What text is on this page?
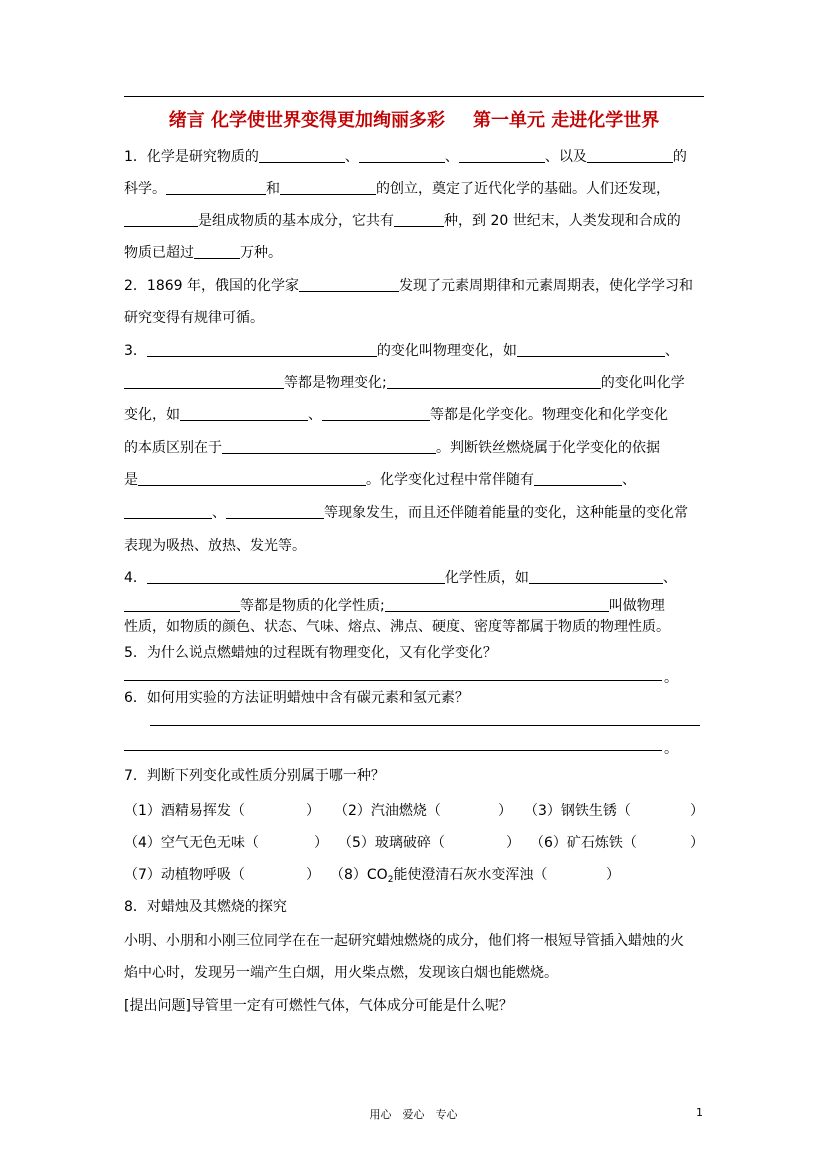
绪言 化学使世界变得更加绚丽多彩 第一单元 走进化学世界
1．化学是研究物质的	、	、	、以及	的
科学。	和	的创立，奠定了近代化学的基础。人们还发现，
是组成物质的基本成分，它共有	种，到 20 世纪末，人类发现和合成的
物质已超过	万种。
2．1869 年，俄国的化学家	发现了元素周期律和元素周期表，使化学学习和
研究变得有规律可循。
3．	的变化叫物理变化，如	、
等都是物理变化;	的变化叫化学
变化，如	、	等都是化学变化。物理变化和化学变化
的本质区别在于	。判断铁丝燃烧属于化学变化的依据
是	。化学变化过程中常伴随有	、
、	等现象发生，而且还伴随着能量的变化，这种能量的变化常
表现为吸热、放热、发光等。
4．	化学性质，如	、
等都是物质的化学性质;	叫做物理
性质，如物质的颜色、状态、气味、熔点、沸点、硬度、密度等都属于物质的物理性质。
5．为什么说点燃蜡烛的过程既有物理变化，又有化学变化？
。
6．如何用实验的方法证明蜡烛中含有碳元素和氢元素？
。
7．判断下列变化或性质分别属于哪一种？
（1）酒精易挥发（	） （2）汽油燃烧（	） （3）钢铁生锈（	）
（4）空气无色无味（	） （5）玻璃破碎（	） （6）矿石炼铁（	）
（7）动植物呼吸（	） $(8)CO_2$能使澄清石灰水变浑浊（	）
8．对蜡烛及其燃烧的探究
小明、小朋和小刚三位同学在在一起研究蜡烛燃烧的成分，他们将一根短导管插入蜡烛的火
焰中心时，发现另一端产生白烟，用火柴点燃，发现该白烟也能燃烧。
[提出问题]导管里一定有可燃性气体，气体成分可能是什么呢？
用心　爱心　专心	1
